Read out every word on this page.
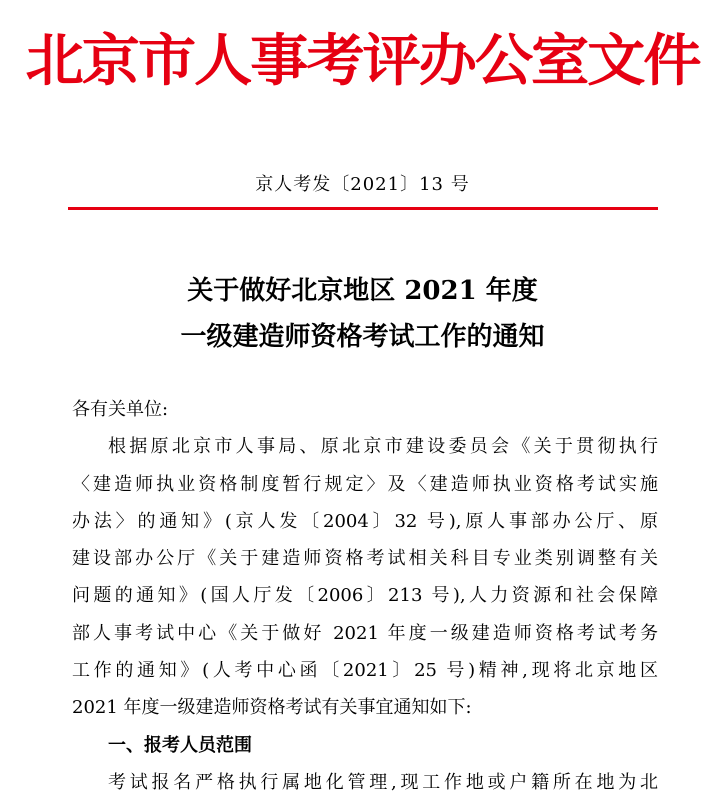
北京市人事考评办公室文件
京人考发〔2021〕13 号
关于做好北京地区 2021 年度
一级建造师资格考试工作的通知
各有关单位:
根据原北京市人事局、原北京市建设委员会《关于贯彻执行
〈建造师执业资格制度暂行规定〉及〈建造师执业资格考试实施
办法〉的通知》(京人发〔2004〕32 号),原人事部办公厅、原
建设部办公厅《关于建造师资格考试相关科目专业类别调整有关
问题的通知》(国人厅发〔2006〕213 号),人力资源和社会保障
部人事考试中心《关于做好 2021 年度一级建造师资格考试考务
工作的通知》(人考中心函〔2021〕25 号)精神,现将北京地区
2021 年度一级建造师资格考试有关事宜通知如下:
一、报考人员范围
考试报名严格执行属地化管理,现工作地或户籍所在地为北
